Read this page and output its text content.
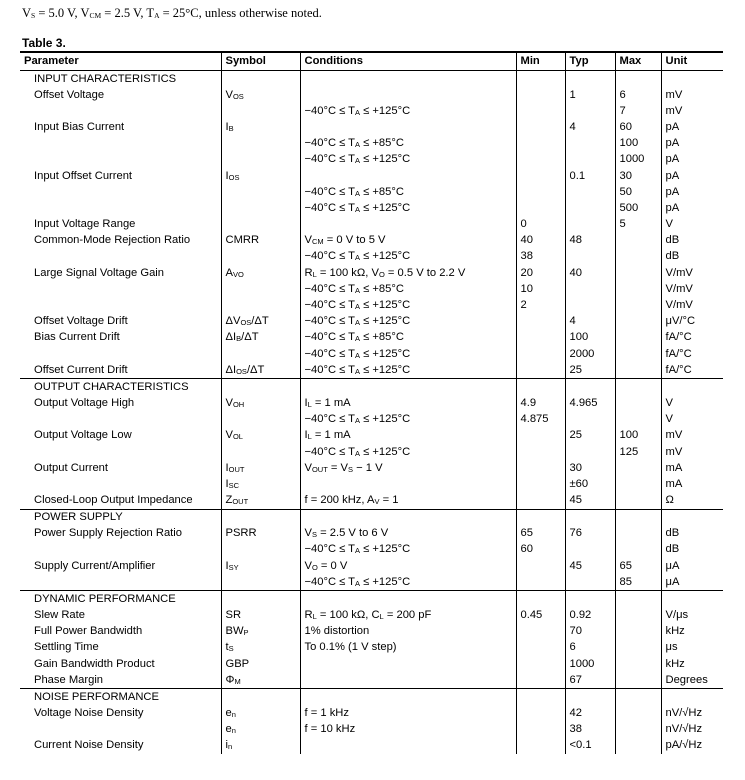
$V_S = 5.0$ V, $V_{CM} = 2.5$ V, $T_A = 25^\circ C$, unless otherwise noted.
Table 3.
Parameter	Symbol	Conditions	Min	Typ	Max	Unit
INPUT CHARACTERISTICS						
Offset Voltage	$V_{OS}$			1	6	mV
		$-40^\circ C \le T_A \le +125^\circ C$			7	mV
Input Bias Current	$I_B$			4	60	pA
		$-40^\circ C \le T_A \le +85^\circ C$			100	pA
		$-40^\circ C \le T_A \le +125^\circ C$			1000	pA
Input Offset Current	$I_{OS}$			0.1	30	pA
		$-40^\circ C \le T_A \le +85^\circ C$			50	pA
		$-40^\circ C \le T_A \le +125^\circ C$			500	pA
Input Voltage Range			0		5	V
Common-Mode Rejection Ratio	CMRR	$V_{CM} = 0$ V to 5 V	40	48		dB
		$-40^\circ C \le T_A \le +125^\circ C$	38			dB
Large Signal Voltage Gain	$A_{VO}$	$R_L = 100$ kΩ, $V_O = 0.5$ V to 2.2 V	20	40		V/mV
		$-40^\circ C \le T_A \le +85^\circ C$	10			V/mV
		$-40^\circ C \le T_A \le +125^\circ C$	2			V/mV
Offset Voltage Drift	$\Delta V_{OS}/\Delta T$	$-40^\circ C \le T_A \le +125^\circ C$		4		μV/°C
Bias Current Drift	$\Delta I_B/\Delta T$	$-40^\circ C \le T_A \le +85^\circ C$		100		fA/°C
		$-40^\circ C \le T_A \le +125^\circ C$		2000		fA/°C
Offset Current Drift	$\Delta I_{OS}/\Delta T$	$-40^\circ C \le T_A \le +125^\circ C$		25		fA/°C
OUTPUT CHARACTERISTICS						
Output Voltage High	$V_{OH}$	$I_L = 1$ mA	4.9	4.965		V
		$-40^\circ C \le T_A \le +125^\circ C$	4.875			V
Output Voltage Low	$V_{OL}$	$I_L = 1$ mA		25	100	mV
		$-40^\circ C \le T_A \le +125^\circ C$			125	mV
Output Current	$I_{OUT}$	$V_{OUT} = V_S - 1$ V		30		mA
	$I_{SC}$			±60		mA
Closed-Loop Output Impedance	$Z_{OUT}$	f = 200 kHz, $A_V = 1$		45		Ω
POWER SUPPLY						
Power Supply Rejection Ratio	PSRR	$V_S = 2.5$ V to 6 V	65	76		dB
		$-40^\circ C \le T_A \le +125^\circ C$	60			dB
Supply Current/Amplifier	$I_{SY}$	$V_O = 0$ V		45	65	μA
		$-40^\circ C \le T_A \le +125^\circ C$			85	μA
DYNAMIC PERFORMANCE						
Slew Rate	SR	$R_L = 100$ kΩ, $C_L = 200$ pF	0.45	0.92		V/μs
Full Power Bandwidth	$BW_P$	1% distortion		70		kHz
Settling Time	$t_S$	To 0.1% (1 V step)		6		μs
Gain Bandwidth Product	GBP			1000		kHz
Phase Margin	$\Phi_M$			67		Degrees
NOISE PERFORMANCE						
Voltage Noise Density	$e_n$	f = 1 kHz		42		nV/√Hz
	$e_n$	f = 10 kHz		38		nV/√Hz
Current Noise Density	$i_n$			<0.1		pA/√Hz
